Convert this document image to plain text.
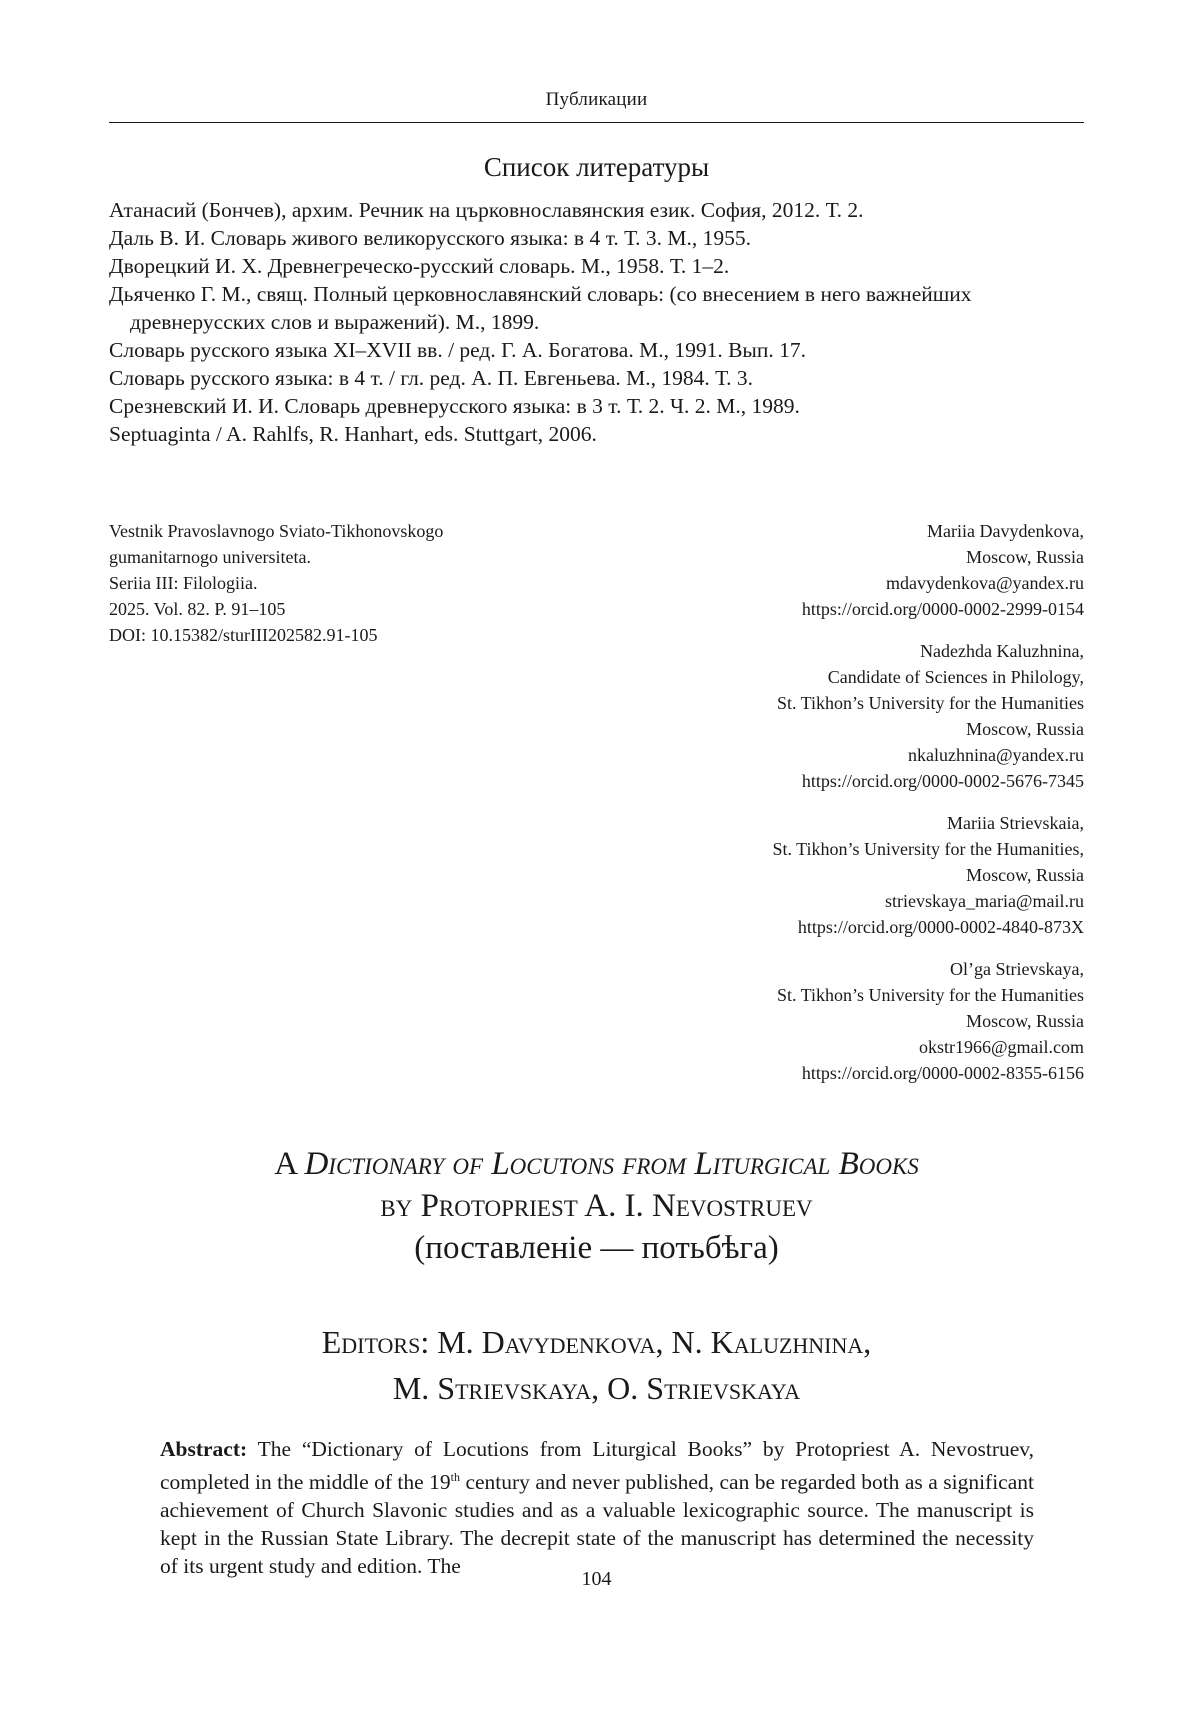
Публикации
Список литературы

Атанасий (Бончев), архим. Речник на църковнославянския език. София, 2012. Т. 2.

Даль В. И. Словарь живого великорусского языка: в 4 т. Т. 3. М., 1955.

Дворецкий И. Х. Древнегреческо-русский словарь. М., 1958. Т. 1–2.

Дьяченко Г. М., свящ. Полный церковнославянский словарь: (со внесением в него важнейших древнерусских слов и выражений). М., 1899.

Словарь русского языка XI–XVII вв. / ред. Г. А. Богатова. М., 1991. Вып. 17.

Словарь русского языка: в 4 т. / гл. ред. А. П. Евгеньева. М., 1984. Т. 3.

Срезневский И. И. Словарь древнерусского языка: в 3 т. Т. 2. Ч. 2. М., 1989.

Septuaginta / A. Rahlfs, R. Hanhart, eds. Stuttgart, 2006.

Vestnik Pravoslavnogo Sviato-Tikhonovskogo
gumanitarnogo universiteta.
Seriia III: Filologiia.
2025. Vol. 82. P. 91–105
DOI: 10.15382/sturIII202582.91-105
Mariia Davydenkova,
Moscow, Russia
mdavydenkova@yandex.ru
https://orcid.org/0000-0002-2999-0154
Nadezhda Kaluzhnina,
Candidate of Sciences in Philology,
St. Tikhon’s University for the Humanities
Moscow, Russia
nkaluzhnina@yandex.ru
https://orcid.org/0000-0002-5676-7345
Mariia Strievskaia,
St. Tikhon’s University for the Humanities,
Moscow, Russia
strievskaya_maria@mail.ru
https://orcid.org/0000-0002-4840-873X
Ol’ga Strievskaya,
St. Tikhon’s University for the Humanities
Moscow, Russia
okstr1966@gmail.com
https://orcid.org/0000-0002-8355-6156
A Dictionary of Locutons from Liturgical Books
by Protopriest A. I. Nevostruev
(поставленіе — потьбѣга)
Editors: M. Davydenkova, N. Kaluzhnina,
M. Strievskaya, O. Strievskaya
Abstract: The “Dictionary of Locutions from Liturgical Books” by Protopriest A. Nevostruev, completed in the middle of the 19th century and never published, can be regarded both as a significant achievement of Church Slavonic studies and as a valuable lexicographic source. The manuscript is kept in the Russian State Library. The decrepit state of the manuscript has determined the necessity of its urgent study and edition. The
104
